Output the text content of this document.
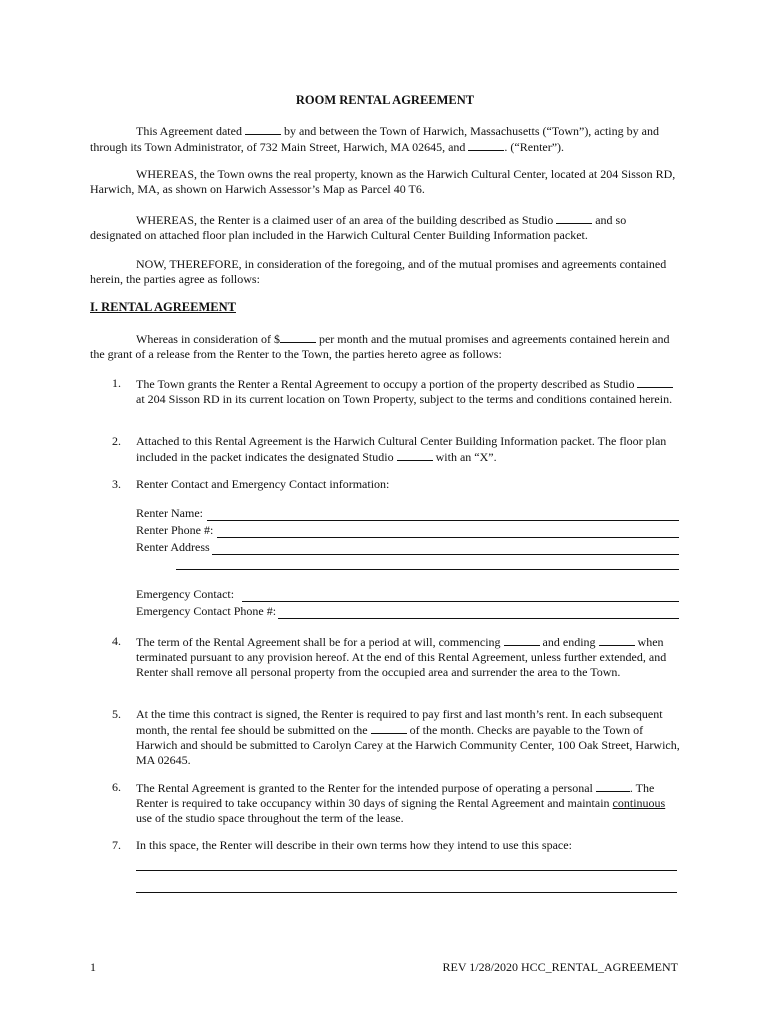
ROOM RENTAL AGREEMENT

This Agreement dated	by and between the Town of Harwich, Massachusetts (“Town”), acting by and through its Town Administrator, of 732 Main Street, Harwich, MA 02645, and	. (“Renter”).

WHEREAS, the Town owns the real property, known as the Harwich Cultural Center, located at 204 Sisson RD, Harwich, MA, as shown on Harwich Assessor’s Map as Parcel 40 T6.

WHEREAS, the Renter is a claimed user of an area of the building described as Studio	and so designated on attached floor plan included in the Harwich Cultural Center Building Information packet.

NOW, THEREFORE, in consideration of the foregoing, and of the mutual promises and agreements contained herein, the parties agree as follows:

I. RENTAL AGREEMENT

Whereas in consideration of $	per month and the mutual promises and agreements contained herein and the grant of a release from the Renter to the Town, the parties hereto agree as follows:

1. The Town grants the Renter a Rental Agreement to occupy a portion of the property described as Studio  at 204 Sisson RD in its current location on Town Property, subject to the terms and conditions contained herein.
2. Attached to this Rental Agreement is the Harwich Cultural Center Building Information packet. The floor plan included in the packet indicates the designated Studio	with an “X”.
3. Renter Contact and Emergency Contact information:
Renter Name:
Renter Phone #:
Renter Address
Emergency Contact:
Emergency Contact Phone #:
4. The term of the Rental Agreement shall be for a period at will, commencing	and ending	when terminated pursuant to any provision hereof. At the end of this Rental Agreement, unless further extended, and Renter shall remove all personal property from the occupied area and surrender the area to the Town.
5. At the time this contract is signed, the Renter is required to pay first and last month’s rent. In each subsequent month, the rental fee should be submitted on the	of the month. Checks are payable to the Town of Harwich and should be submitted to Carolyn Carey at the Harwich Community Center, 100 Oak Street, Harwich, MA 02645.
6. The Rental Agreement is granted to the Renter for the intended purpose of operating a personal	. The Renter is required to take occupancy within 30 days of signing the Rental Agreement and maintain continuous use of the studio space throughout the term of the lease.
7. In this space, the Renter will describe in their own terms how they intend to use this space:
1	REV 1/28/2020 HCC_RENTAL_AGREEMENT
